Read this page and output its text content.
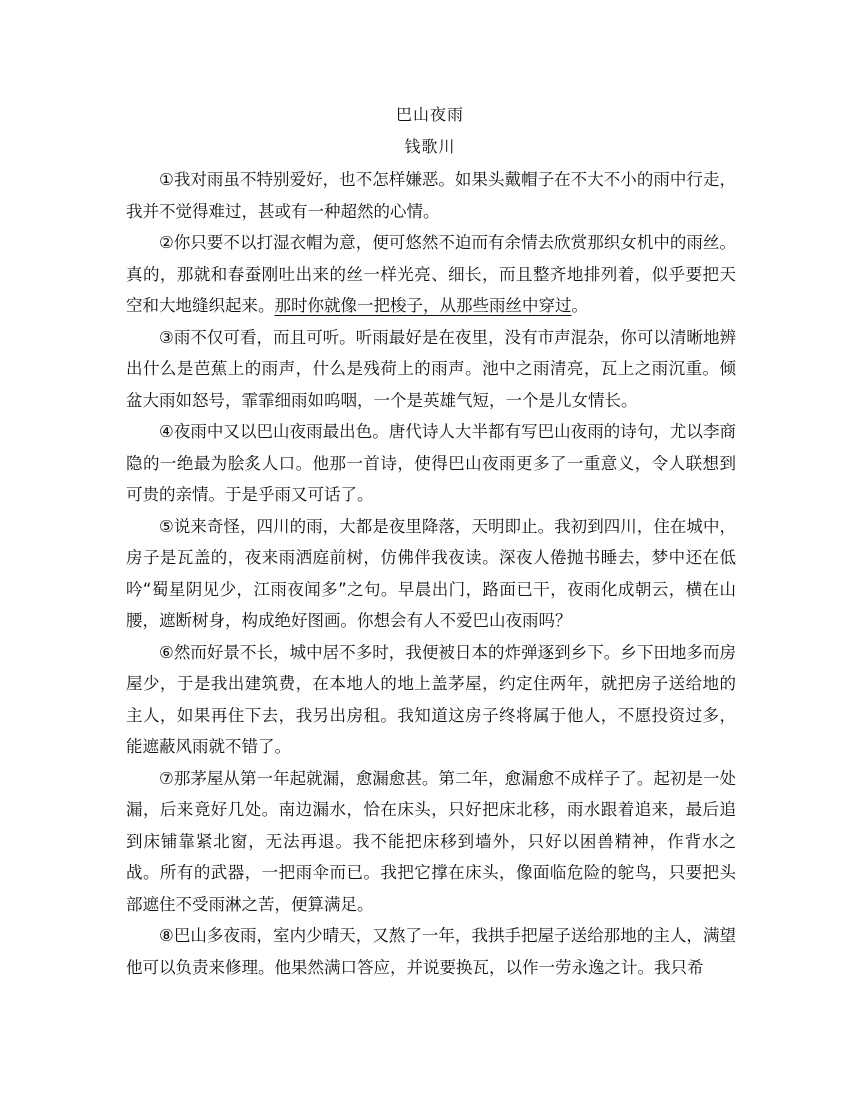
巴山夜雨
钱歌川

①我对雨虽不特别爱好，也不怎样嫌恶。如果头戴帽子在不大不小的雨中行走，我并不觉得难过，甚或有一种超然的心情。

②你只要不以打湿衣帽为意，便可悠然不迫而有余情去欣赏那织女机中的雨丝。真的，那就和春蚕刚吐出来的丝一样光亮、细长，而且整齐地排列着，似乎要把天空和大地缝织起来。那时你就像一把梭子，从那些雨丝中穿过。

③雨不仅可看，而且可听。听雨最好是在夜里，没有市声混杂，你可以清晰地辨出什么是芭蕉上的雨声，什么是残荷上的雨声。池中之雨清亮，瓦上之雨沉重。倾盆大雨如怒号，霏霏细雨如呜咽，一个是英雄气短，一个是儿女情长。

④夜雨中又以巴山夜雨最出色。唐代诗人大半都有写巴山夜雨的诗句，尤以李商隐的一绝最为脍炙人口。他那一首诗，使得巴山夜雨更多了一重意义，令人联想到可贵的亲情。于是乎雨又可话了。

⑤说来奇怪，四川的雨，大都是夜里降落，天明即止。我初到四川，住在城中，房子是瓦盖的，夜来雨洒庭前树，仿佛伴我夜读。深夜人倦抛书睡去，梦中还在低吟“蜀星阴见少，江雨夜闻多”之句。早晨出门，路面已干，夜雨化成朝云，横在山腰，遮断树身，构成绝好图画。你想会有人不爱巴山夜雨吗？

⑥然而好景不长，城中居不多时，我便被日本的炸弹逐到乡下。乡下田地多而房屋少，于是我出建筑费，在本地人的地上盖茅屋，约定住两年，就把房子送给地的主人，如果再住下去，我另出房租。我知道这房子终将属于他人，不愿投资过多，能遮蔽风雨就不错了。

⑦那茅屋从第一年起就漏，愈漏愈甚。第二年，愈漏愈不成样子了。起初是一处漏，后来竟好几处。南边漏水，恰在床头，只好把床北移，雨水跟着追来，最后追到床铺靠紧北窗，无法再退。我不能把床移到墙外，只好以困兽精神，作背水之战。所有的武器，一把雨伞而已。我把它撑在床头，像面临危险的鸵鸟，只要把头部遮住不受雨淋之苦，便算满足。

⑧巴山多夜雨，室内少晴天，又熬了一年，我拱手把屋子送给那地的主人，满望他可以负责来修理。他果然满口答应，并说要换瓦，以作一劳永逸之计。我只希
